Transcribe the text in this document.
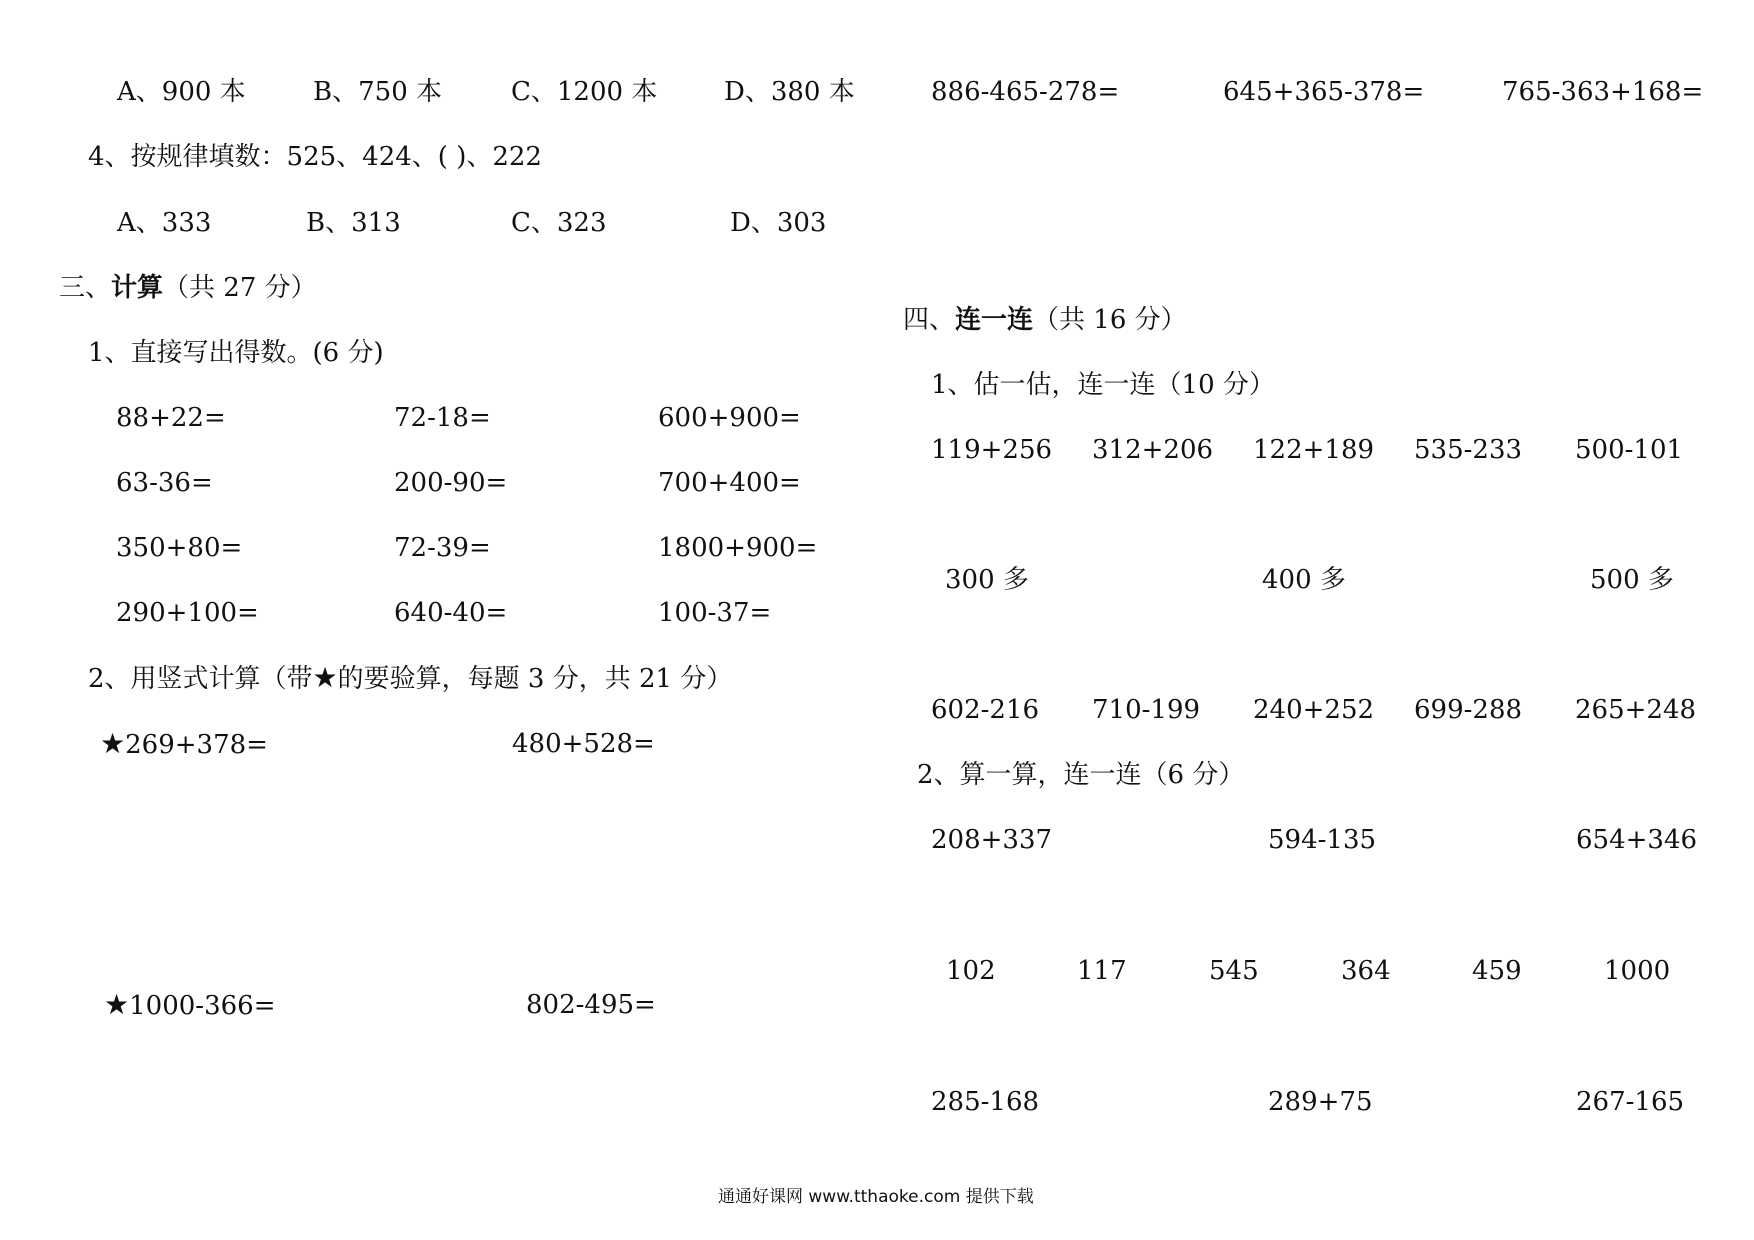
A、900 本	B、750 本	C、1200 本	D、380 本
4、按规律填数：525、424、( )、222
A、333	B、313	C、323	D、303
三、计算（共 27 分）
1、直接写出得数。(6 分)
88+22=	72-18=	600+900=
63-36=	200-90=	700+400=
350+80=	72-39=	1800+900=
290+100=	640-40=	100-37=
2、用竖式计算（带★的要验算，每题 3 分，共 21 分）
★269+378=	480+528=
★1000-366=	802-495=
886-465-278=	645+365-378=	765-363+168=
四、连一连（共 16 分）
1、估一估，连一连（10 分）
119+256 312+206 122+189 535-233 500-101
300 多	400 多	500 多
602-216 710-199 240+252 699-288 265+248
2、算一算，连一连（6 分）
208+337	594-135	654+346
102	117	545	364	459	1000
285-168	289+75	267-165
通通好课网 www.tthaoke.com 提供下载
